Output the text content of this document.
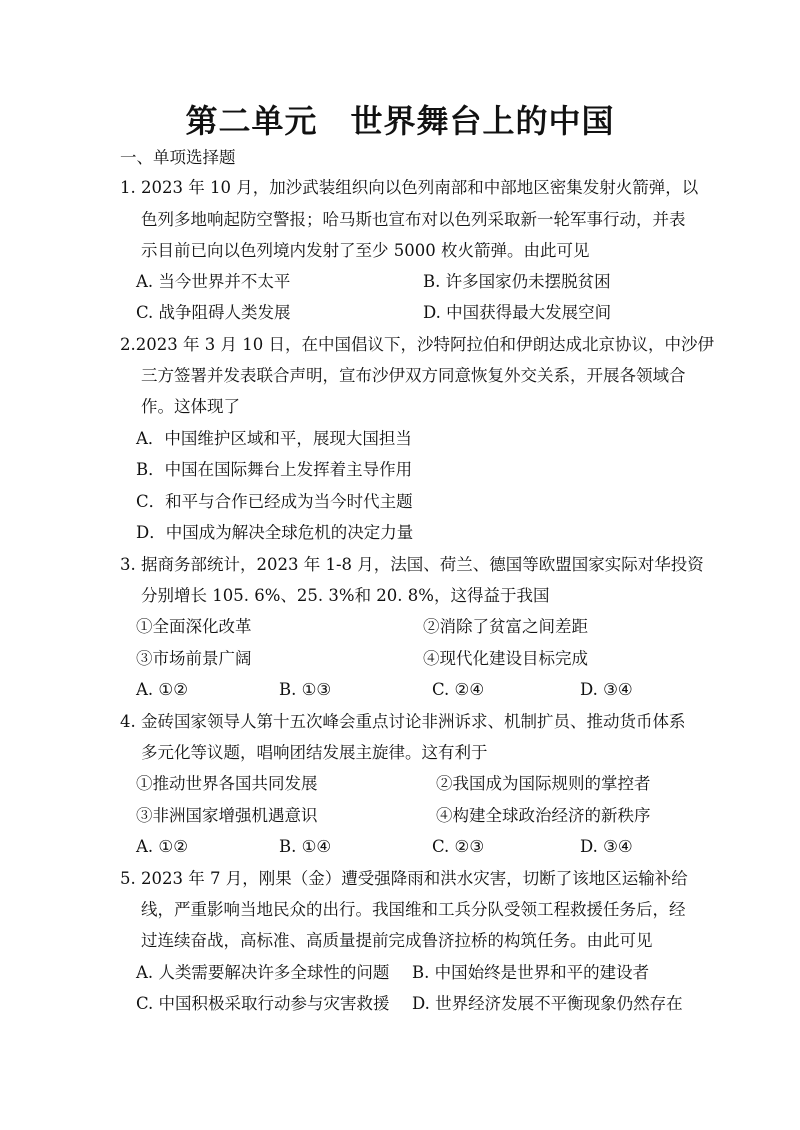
第二单元　世界舞台上的中国
一、单项选择题
1. 2023 年 10 月，加沙武装组织向以色列南部和中部地区密集发射火箭弹，以
色列多地响起防空警报；哈马斯也宣布对以色列采取新一轮军事行动，并表
示目前已向以色列境内发射了至少 5000 枚火箭弹。由此可见
A. 当今世界并不太平	B. 许多国家仍未摆脱贫困
C. 战争阻碍人类发展	D. 中国获得最大发展空间
2.2023 年 3 月 10 日，在中国倡议下，沙特阿拉伯和伊朗达成北京协议，中沙伊
三方签署并发表联合声明，宣布沙伊双方同意恢复外交关系，开展各领域合
作。这体现了
A．中国维护区域和平，展现大国担当
B．中国在国际舞台上发挥着主导作用
C．和平与合作已经成为当今时代主题
D．中国成为解决全球危机的决定力量
3. 据商务部统计，2023 年 1-8 月，法国、荷兰、德国等欧盟国家实际对华投资
分别增长 105. 6%、25. 3%和 20. 8%，这得益于我国
①全面深化改革	②消除了贫富之间差距
③市场前景广阔	④现代化建设目标完成
A. ①②	B. ①③	C. ②④	D. ③④
4. 金砖国家领导人第十五次峰会重点讨论非洲诉求、机制扩员、推动货币体系
多元化等议题，唱响团结发展主旋律。这有利于
①推动世界各国共同发展	②我国成为国际规则的掌控者
③非洲国家增强机遇意识	④构建全球政治经济的新秩序
A. ①②	B. ①④	C. ②③	D. ③④
5. 2023 年 7 月，刚果（金）遭受强降雨和洪水灾害，切断了该地区运输补给
线，严重影响当地民众的出行。我国维和工兵分队受领工程救援任务后，经
过连续奋战，高标准、高质量提前完成鲁济拉桥的构筑任务。由此可见
A. 人类需要解决许多全球性的问题 B. 中国始终是世界和平的建设者
C. 中国积极采取行动参与灾害救援 D. 世界经济发展不平衡现象仍然存在
